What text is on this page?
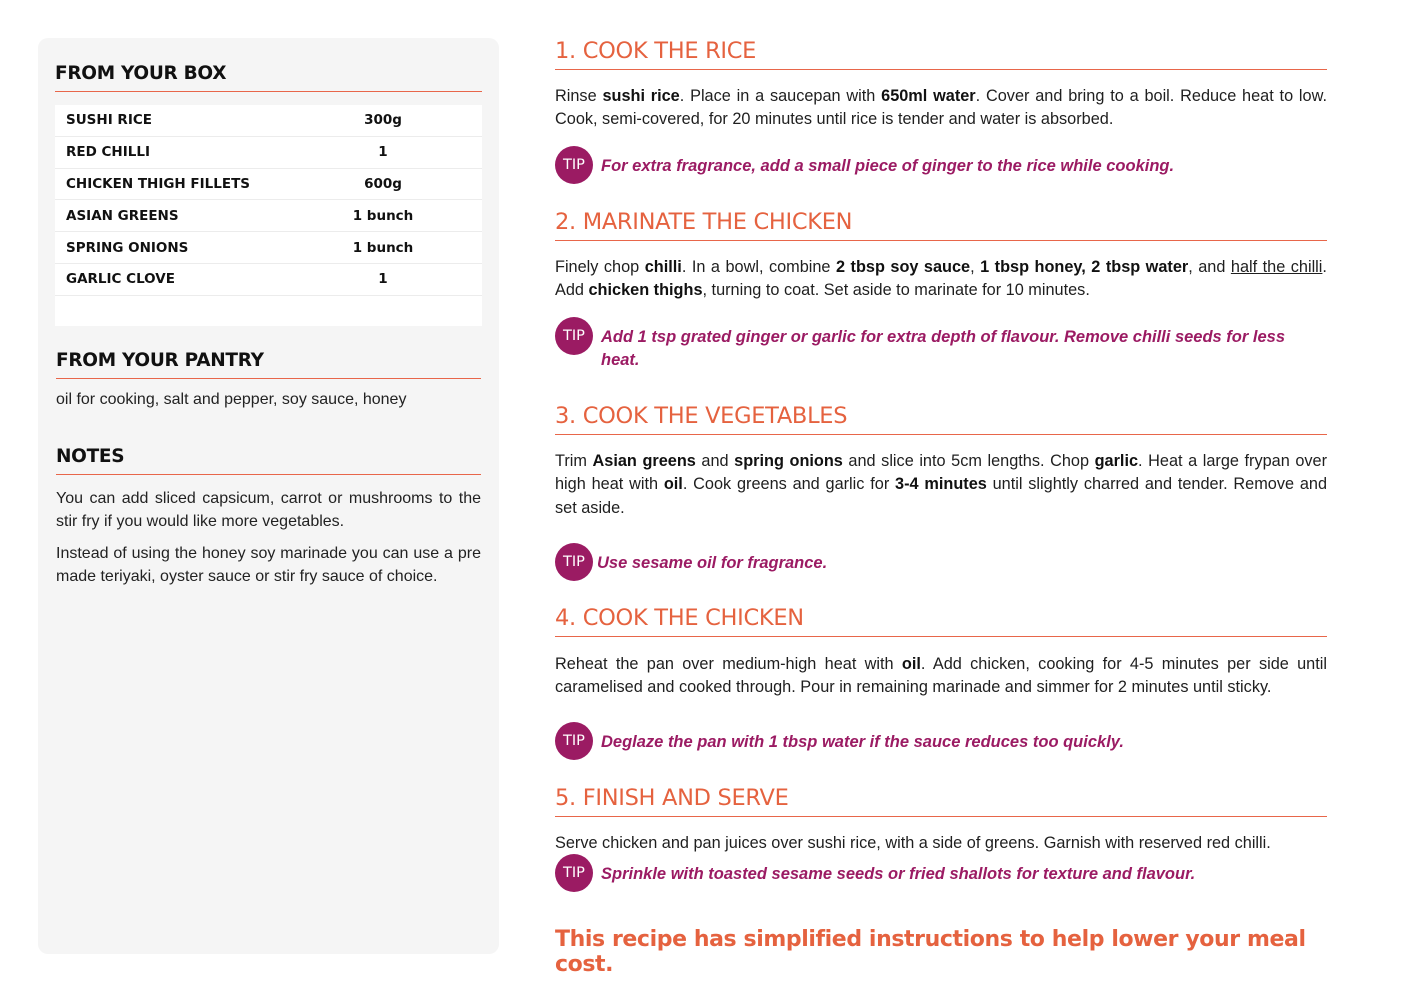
FROM YOUR BOX
SUSHI RICE	300g
RED CHILLI	1
CHICKEN THIGH FILLETS	600g
ASIAN GREENS	1 bunch
SPRING ONIONS	1 bunch
GARLIC CLOVE	1
FROM YOUR PANTRY
oil for cooking, salt and pepper, soy sauce, honey
NOTES
You can add sliced capsicum, carrot or mushrooms to the stir fry if you would like more vegetables.
Instead of using the honey soy marinade you can use a pre made teriyaki, oyster sauce or stir fry sauce of choice.
1. COOK THE RICE
Rinse sushi rice. Place in a saucepan with 650ml water. Cover and bring to a boil. Reduce heat to low. Cook, semi-covered, for 20 minutes until rice is tender and water is absorbed.
TIP For extra fragrance, add a small piece of ginger to the rice while cooking.
2. MARINATE THE CHICKEN
Finely chop chilli. In a bowl, combine 2 tbsp soy sauce, 1 tbsp honey, 2 tbsp water, and half the chilli. Add chicken thighs, turning to coat. Set aside to marinate for 10 minutes.
TIP Add 1 tsp grated ginger or garlic for extra depth of flavour. Remove chilli seeds for less heat.
3. COOK THE VEGETABLES
Trim Asian greens and spring onions and slice into 5cm lengths. Chop garlic. Heat a large frypan over high heat with oil. Cook greens and garlic for 3-4 minutes until slightly charred and tender. Remove and set aside.
TIP Use sesame oil for fragrance.
4. COOK THE CHICKEN
Reheat the pan over medium-high heat with oil. Add chicken, cooking for 4-5 minutes per side until caramelised and cooked through. Pour in remaining marinade and simmer for 2 minutes until sticky.
TIP Deglaze the pan with 1 tbsp water if the sauce reduces too quickly.
5. FINISH AND SERVE
Serve chicken and pan juices over sushi rice, with a side of greens. Garnish with reserved red chilli.
TIP Sprinkle with toasted sesame seeds or fried shallots for texture and flavour.
This recipe has simplified instructions to help lower your meal cost.
